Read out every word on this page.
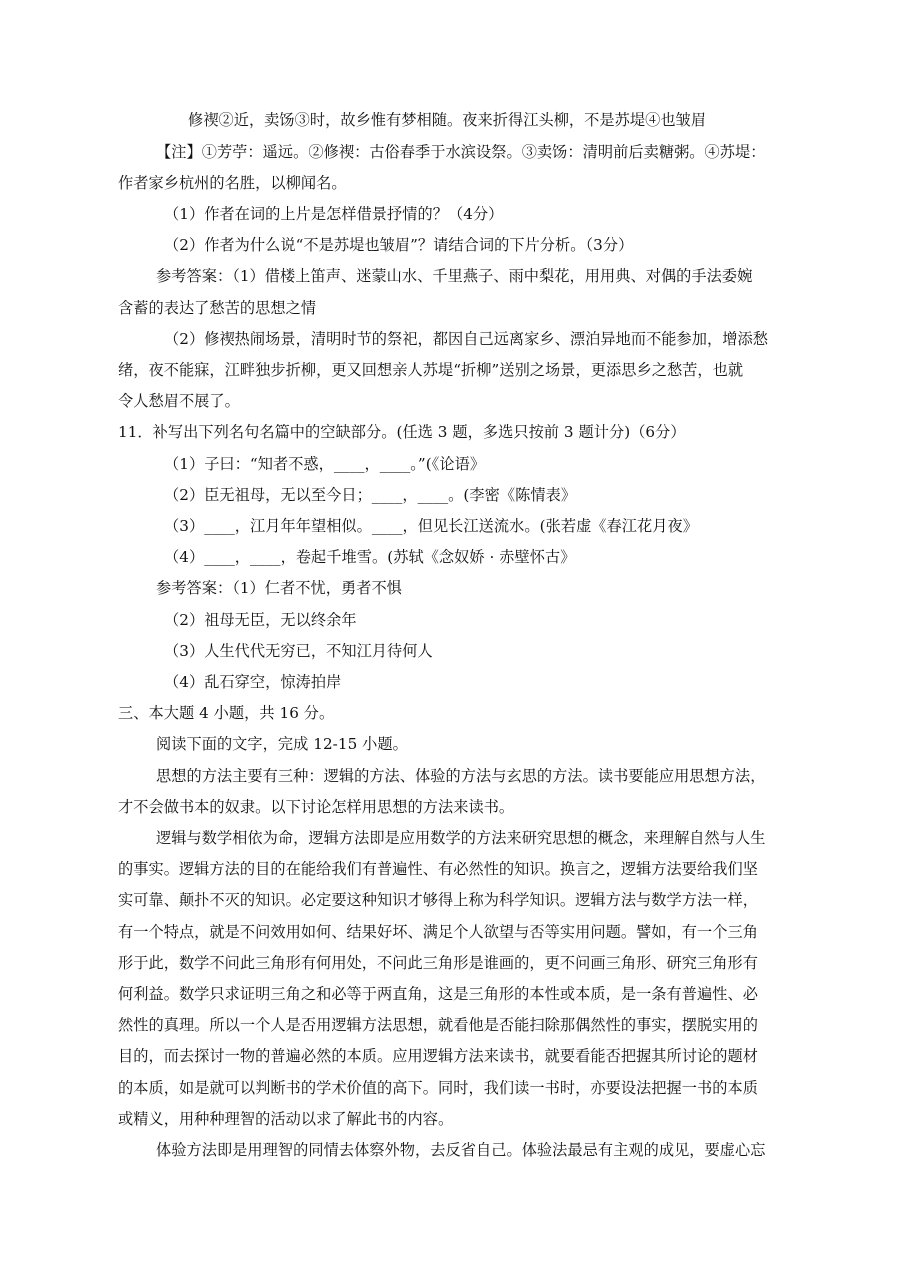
修禊②近，卖饧③时，故乡惟有梦相随。夜来折得江头柳，不是苏堤④也皱眉
【注】①芳苧：遥远。②修禊：古俗春季于水滨设祭。③卖饧：清明前后卖糖粥。④苏堤：
作者家乡杭州的名胜，以柳闻名。
（1）作者在词的上片是怎样借景抒情的？（4分）
（2）作者为什么说“不是苏堤也皱眉”？请结合词的下片分析。（3分）
参考答案：（1）借楼上笛声、迷蒙山水、千里燕子、雨中梨花，用用典、对偶的手法委婉
含蓄的表达了愁苦的思想之情
（2）修禊热闹场景，清明时节的祭祀，都因自己远离家乡、漂泊异地而不能参加，增添愁
绪，夜不能寐，江畔独步折柳，更又回想亲人苏堤“折柳”送别之场景，更添思乡之愁苦，也就
令人愁眉不展了。
11．补写出下列名句名篇中的空缺部分。(任选 3 题，多选只按前 3 题计分)（6分）
（1）子曰：“知者不惑，____，____。”(《论语》
（2）臣无祖母，无以至今日；____，____。(李密《陈情表》
（3）____，江月年年望相似。____，但见长江送流水。(张若虚《春江花月夜》
（4）____，____，卷起千堆雪。(苏轼《念奴娇 · 赤壁怀古》
参考答案：（1）仁者不忧，勇者不惧
（2）祖母无臣，无以终余年
（3）人生代代无穷已，不知江月待何人
（4）乱石穿空，惊涛拍岸
三、本大题 4 小题，共 16 分。
阅读下面的文字，完成 12-15 小题。
思想的方法主要有三种：逻辑的方法、体验的方法与玄思的方法。读书要能应用思想方法，
才不会做书本的奴隶。以下讨论怎样用思想的方法来读书。
逻辑与数学相依为命，逻辑方法即是应用数学的方法来研究思想的概念，来理解自然与人生
的事实。逻辑方法的目的在能给我们有普遍性、有必然性的知识。换言之，逻辑方法要给我们坚
实可靠、颠扑不灭的知识。必定要这种知识才够得上称为科学知识。逻辑方法与数学方法一样，
有一个特点，就是不问效用如何、结果好坏、满足个人欲望与否等实用问题。譬如，有一个三角
形于此，数学不问此三角形有何用处，不问此三角形是谁画的，更不问画三角形、研究三角形有
何利益。数学只求证明三角之和必等于两直角，这是三角形的本性或本质，是一条有普遍性、必
然性的真理。所以一个人是否用逻辑方法思想，就看他是否能扫除那偶然性的事实，摆脱实用的
目的，而去探讨一物的普遍必然的本质。应用逻辑方法来读书，就要看能否把握其所讨论的题材
的本质，如是就可以判断书的学术价值的高下。同时，我们读一书时，亦要设法把握一书的本质
或精义，用种种理智的活动以求了解此书的内容。
体验方法即是用理智的同情去体察外物，去反省自己。体验法最忌有主观的成见，要虚心忘
